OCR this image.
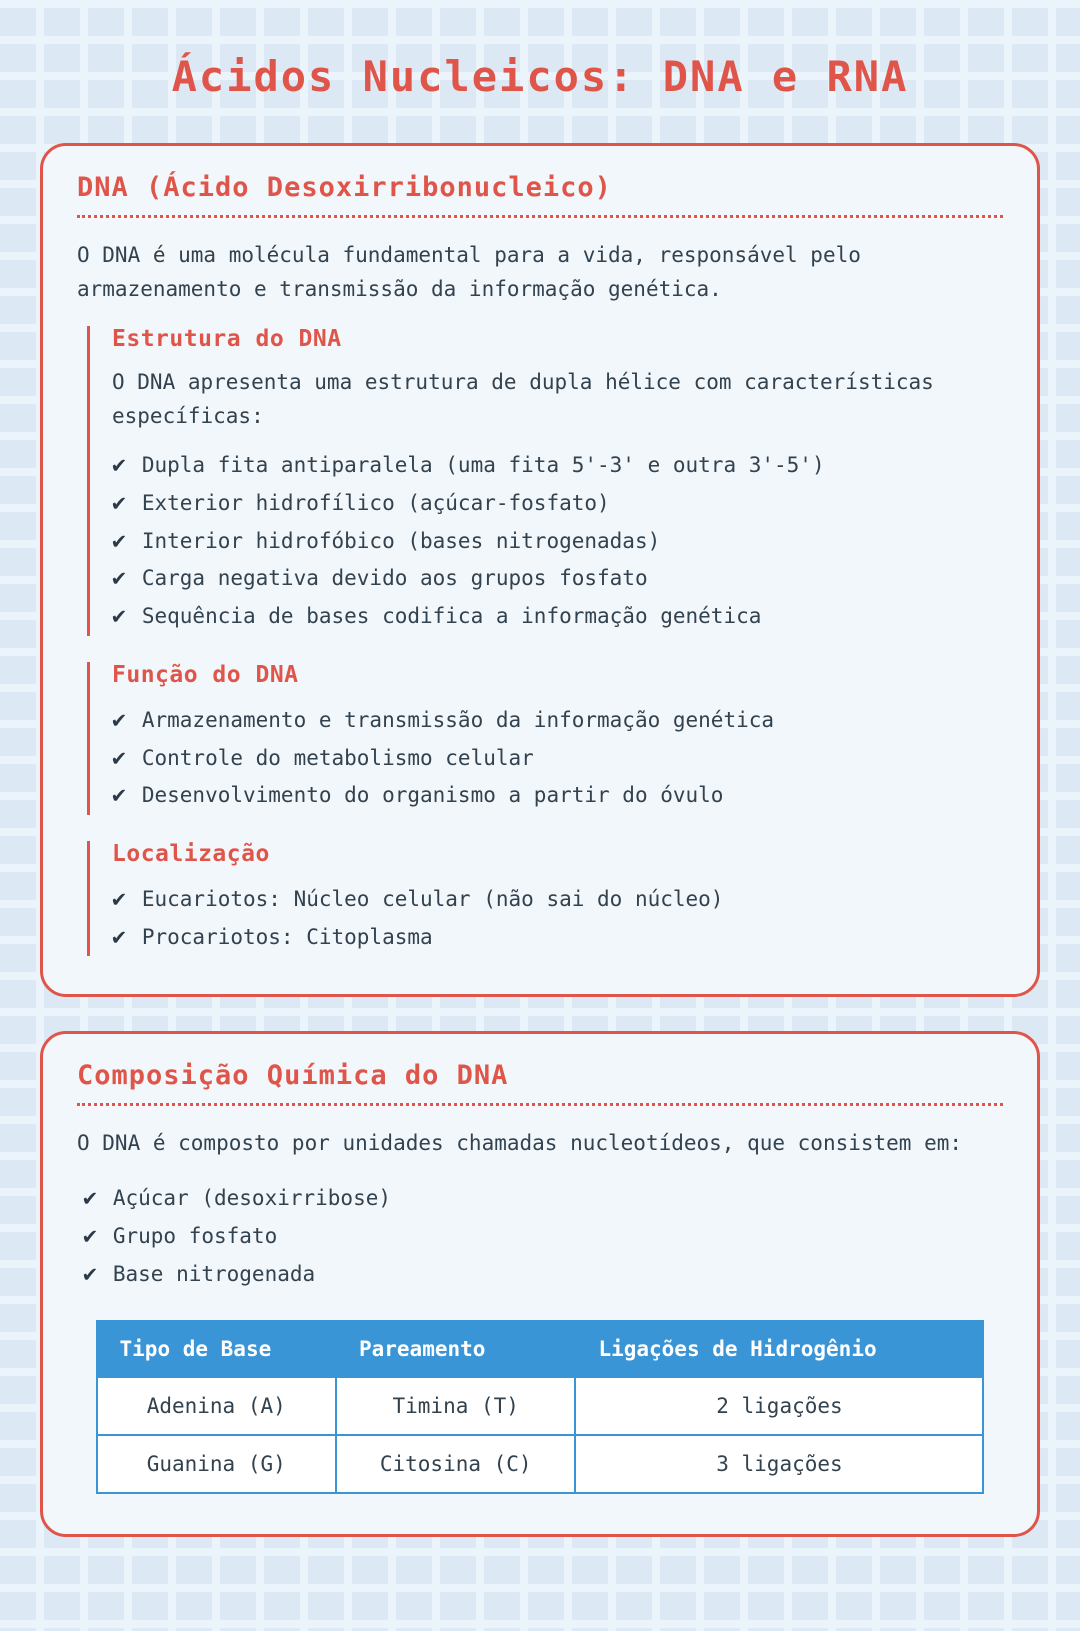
Ácidos Nucleicos: DNA e RNA
DNA (Ácido Desoxirribonucleico)

O DNA é uma molécula fundamental para a vida, responsável pelo armazenamento e transmissão da informação genética.

Estrutura do DNA

O DNA apresenta uma estrutura de dupla hélice com características específicas:

✔ Dupla fita antiparalela (uma fita 5'-3' e outra 3'-5')
✔ Exterior hidrofílico (açúcar-fosfato)
✔ Interior hidrofóbico (bases nitrogenadas)
✔ Carga negativa devido aos grupos fosfato
✔ Sequência de bases codifica a informação genética
Função do DNA
✔ Armazenamento e transmissão da informação genética
✔ Controle do metabolismo celular
✔ Desenvolvimento do organismo a partir do óvulo
Localização
✔ Eucariotos: Núcleo celular (não sai do núcleo)
✔ Procariotos: Citoplasma
Composição Química do DNA

O DNA é composto por unidades chamadas nucleotídeos, que consistem em:

✔ Açúcar (desoxirribose)
✔ Grupo fosfato
✔ Base nitrogenada
Tipo de Base	Pareamento	Ligações de Hidrogênio
Adenina (A)	Timina (T)	2 ligações
Guanina (G)	Citosina (C)	3 ligações
